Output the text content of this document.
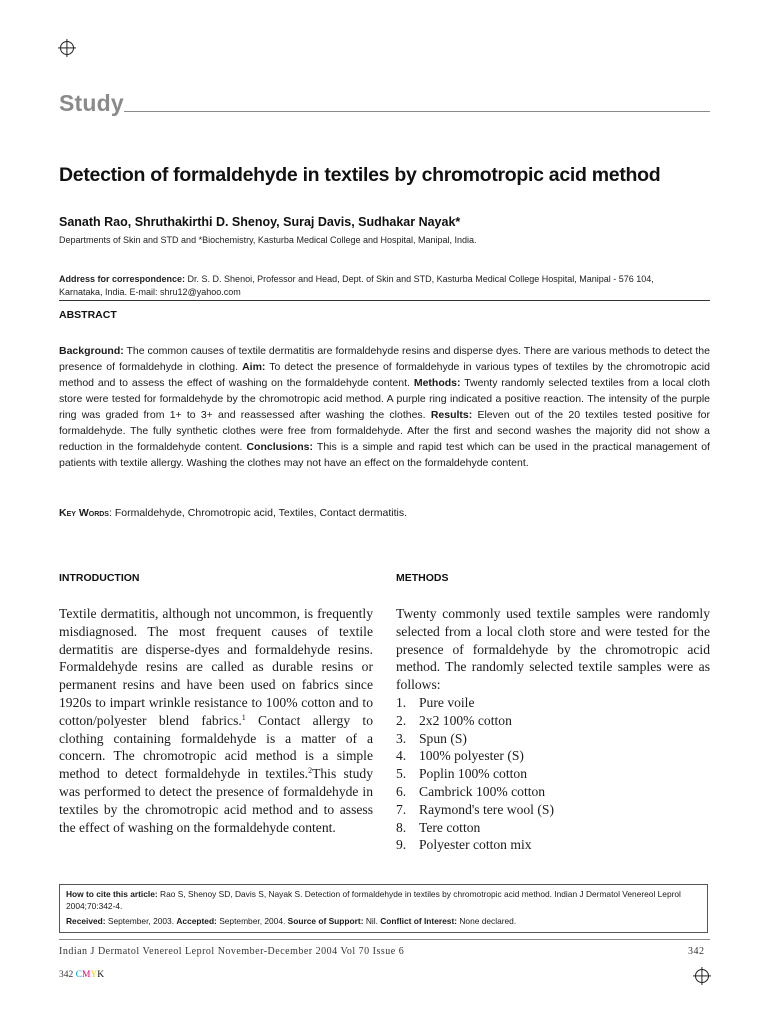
Study
Detection of formaldehyde in textiles by chromotropic acid method
Sanath Rao, Shruthakirthi D. Shenoy, Suraj Davis, Sudhakar Nayak*
Departments of Skin and STD and *Biochemistry, Kasturba Medical College and Hospital, Manipal, India.
Address for correspondence: Dr. S. D. Shenoi, Professor and Head, Dept. of Skin and STD, Kasturba Medical College Hospital, Manipal - 576 104, Karnataka, India. E-mail: shru12@yahoo.com
ABSTRACT
Background: The common causes of textile dermatitis are formaldehyde resins and disperse dyes. There are various methods to detect the presence of formaldehyde in clothing. Aim: To detect the presence of formaldehyde in various types of textiles by the chromotropic acid method and to assess the effect of washing on the formaldehyde content. Methods: Twenty randomly selected textiles from a local cloth store were tested for formaldehyde by the chromotropic acid method. A purple ring indicated a positive reaction. The intensity of the purple ring was graded from 1+ to 3+ and reassessed after washing the clothes. Results: Eleven out of the 20 textiles tested positive for formaldehyde. The fully synthetic clothes were free from formaldehyde. After the first and second washes the majority did not show a reduction in the formaldehyde content. Conclusions: This is a simple and rapid test which can be used in the practical management of patients with textile allergy. Washing the clothes may not have an effect on the formaldehyde content.
Key Words: Formaldehyde, Chromotropic acid, Textiles, Contact dermatitis.
INTRODUCTION	METHODS
Textile dermatitis, although not uncommon, is frequently misdiagnosed. The most frequent causes of textile dermatitis are disperse-dyes and formaldehyde resins. Formaldehyde resins are called as durable resins or permanent resins and have been used on fabrics since 1920s to impart wrinkle resistance to 100% cotton and to cotton/polyester blend fabrics.$^1$ Contact allergy to clothing containing formaldehyde is a matter of a concern. The chromotropic acid method is a simple method to detect formaldehyde in textiles.$^2$This study was performed to detect the presence of formaldehyde in textiles by the chromotropic acid method and to assess the effect of washing on the formaldehyde content.
Twenty commonly used textile samples were randomly selected from a local cloth store and were tested for the presence of formaldehyde by the chromotropic acid method. The randomly selected textile samples were as follows:
1. Pure voile
2. 2x2 100% cotton
3. Spun (S)
4. 100% polyester (S)
5. Poplin 100% cotton
6. Cambrick 100% cotton
7. Raymond's tere wool (S)
8. Tere cotton
9. Polyester cotton mix
How to cite this article: Rao S, Shenoy SD, Davis S, Nayak S. Detection of formaldehyde in textiles by chromotropic acid method. Indian J Dermatol Venereol Leprol 2004;70:342-4.
Received: September, 2003. Accepted: September, 2004. Source of Support: Nil. Conflict of Interest: None declared.
Indian J Dermatol Venereol Leprol November-December 2004 Vol 70 Issue 6	342
342 CMYK
